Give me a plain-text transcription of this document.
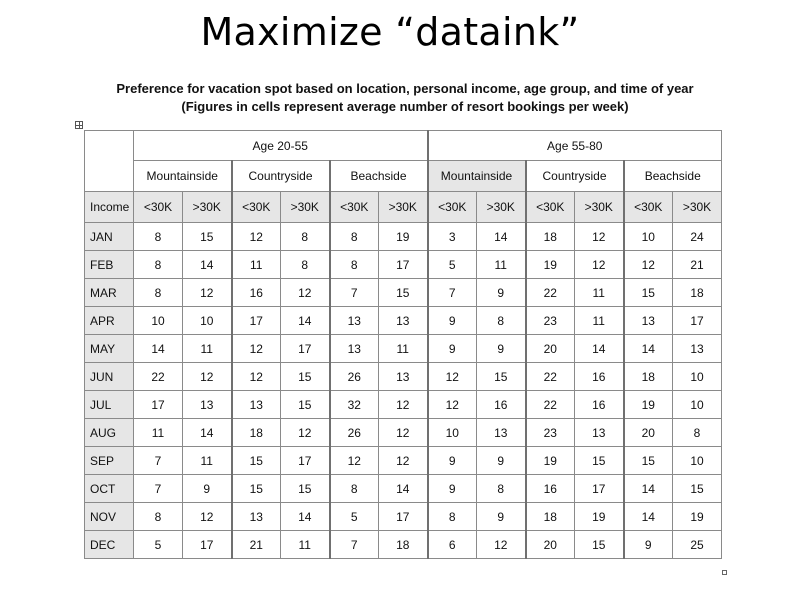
Maximize “dataink”
Preference for vacation spot based on location, personal income, age group, and time of year
(Figures in cells represent average number of resort bookings per week)
	Age 20-55						Age 55-80					
	Mountainside		Countryside		Beachside		Mountainside		Countryside		Beachside	
Income	<30K	>30K	<30K	>30K	<30K	>30K	<30K	>30K	<30K	>30K	<30K	>30K
JAN	8	15	12	8	8	19	3	14	18	12	10	24
FEB	8	14	11	8	8	17	5	11	19	12	12	21
MAR	8	12	16	12	7	15	7	9	22	11	15	18
APR	10	10	17	14	13	13	9	8	23	11	13	17
MAY	14	11	12	17	13	11	9	9	20	14	14	13
JUN	22	12	12	15	26	13	12	15	22	16	18	10
JUL	17	13	13	15	32	12	12	16	22	16	19	10
AUG	11	14	18	12	26	12	10	13	23	13	20	8
SEP	7	11	15	17	12	12	9	9	19	15	15	10
OCT	7	9	15	15	8	14	9	8	16	17	14	15
NOV	8	12	13	14	5	17	8	9	18	19	14	19
DEC	5	17	21	11	7	18	6	12	20	15	9	25
